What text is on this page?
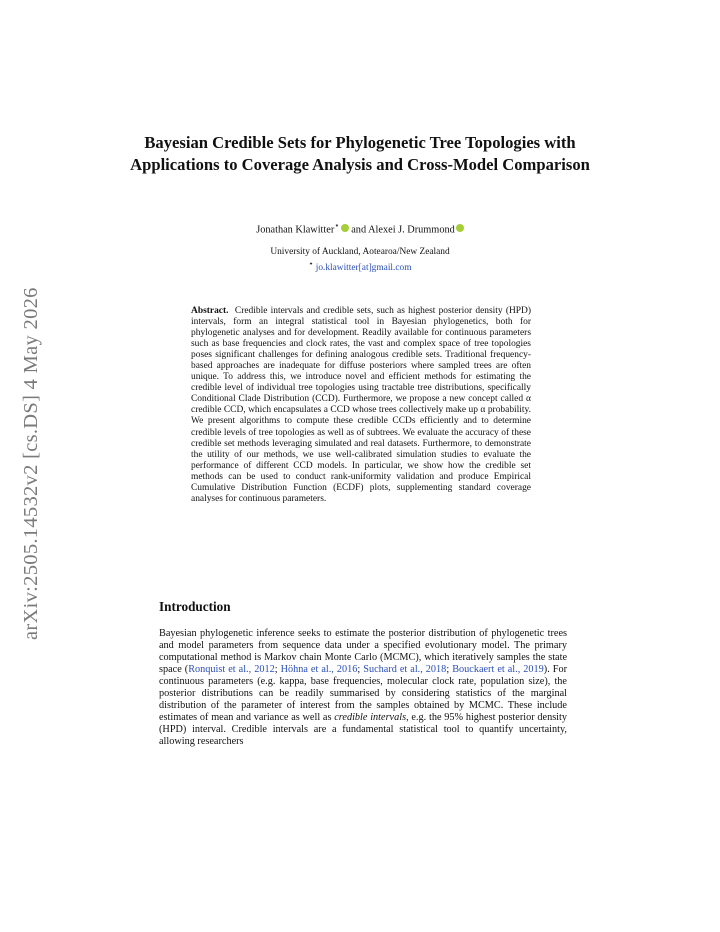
arXiv:2505.14532v2 [cs.DS] 4 May 2026
Bayesian Credible Sets for Phylogenetic Tree Topologies with Applications to Coverage Analysis and Cross-Model Comparison
Jonathan Klawitter⋆ and Alexei J. Drummond
University of Auckland, Aotearoa/New Zealand
⋆ jo.klawitter[at]gmail.com
Abstract. Credible intervals and credible sets, such as highest posterior density (HPD) intervals, form an integral statistical tool in Bayesian phylogenetics, both for phylogenetic analyses and for development. Readily available for continuous parameters such as base frequencies and clock rates, the vast and complex space of tree topologies poses significant challenges for defining analogous credible sets. Traditional frequency-based approaches are inadequate for diffuse posteriors where sampled trees are often unique. To address this, we introduce novel and efficient methods for estimating the credible level of individual tree topologies using tractable tree distributions, specifically Conditional Clade Distribution (CCD). Furthermore, we propose a new concept called α credible CCD, which encapsulates a CCD whose trees collectively make up α probability. We present algorithms to compute these credible CCDs efficiently and to determine credible levels of tree topologies as well as of subtrees. We evaluate the accuracy of these credible set methods leveraging simulated and real datasets. Furthermore, to demonstrate the utility of our methods, we use well-calibrated simulation studies to evaluate the performance of different CCD models. In particular, we show how the credible set methods can be used to conduct rank-uniformity validation and produce Empirical Cumulative Distribution Function (ECDF) plots, supplementing standard coverage analyses for continuous parameters.
Introduction
Bayesian phylogenetic inference seeks to estimate the posterior distribution of phylogenetic trees and model parameters from sequence data under a specified evolutionary model. The primary computational method is Markov chain Monte Carlo (MCMC), which iteratively samples the state space (Ronquist et al., 2012; Höhna et al., 2016; Suchard et al., 2018; Bouckaert et al., 2019). For continuous parameters (e.g. kappa, base frequencies, molecular clock rate, population size), the posterior distributions can be readily summarised by considering statistics of the marginal distribution of the parameter of interest from the samples obtained by MCMC. These include estimates of mean and variance as well as credible intervals, e.g. the 95% highest posterior density (HPD) interval. Credible intervals are a fundamental statistical tool to quantify uncertainty, allowing researchers
